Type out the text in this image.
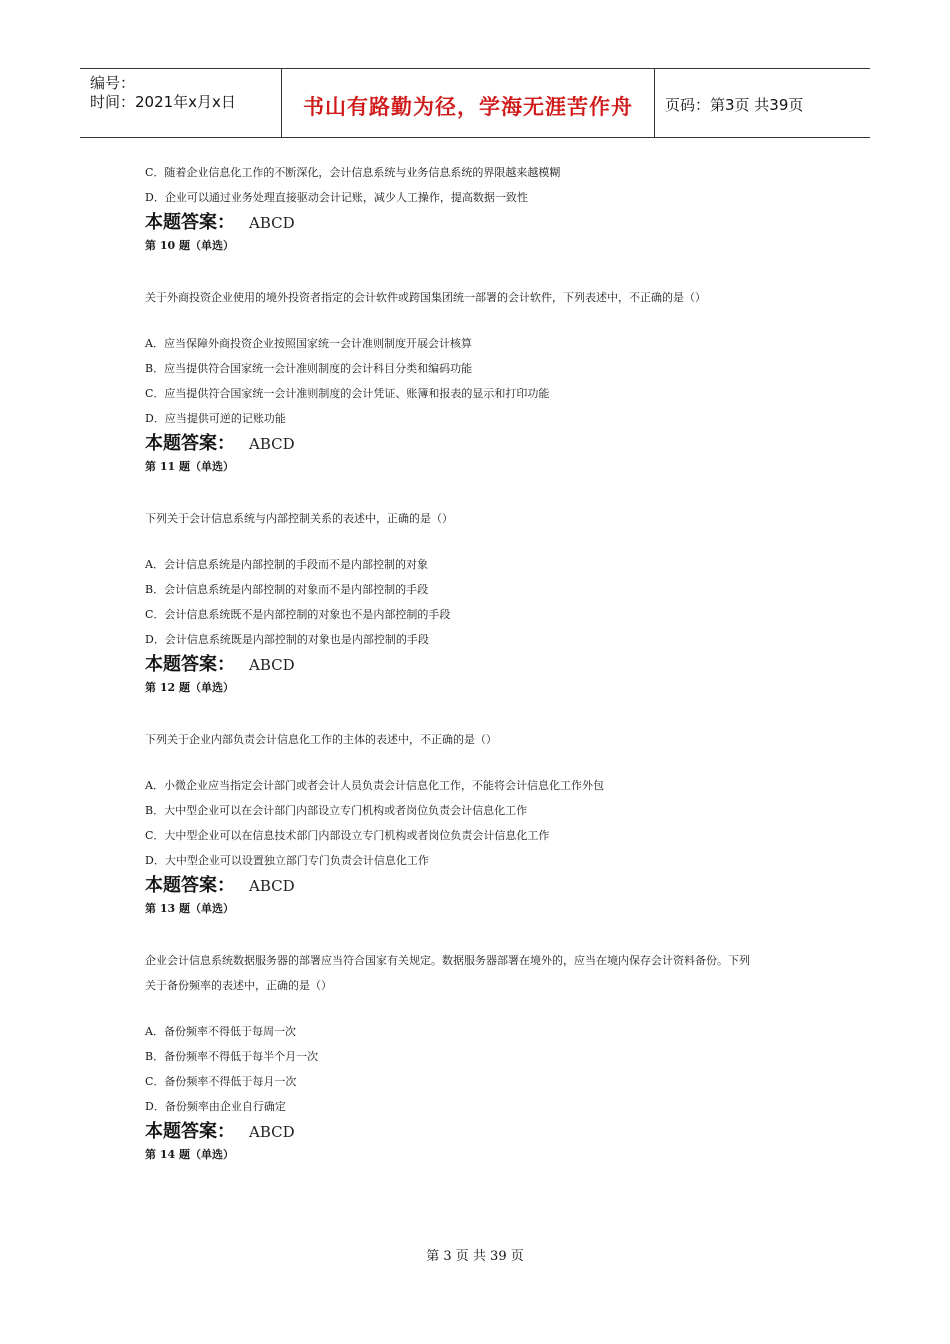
编号：
时间：2021年x月x日	书山有路勤为径，学海无涯苦作舟	页码：第3页 共39页
C．随着企业信息化工作的不断深化，会计信息系统与业务信息系统的界限越来越模糊
D．企业可以通过业务处理直接驱动会计记账，减少人工操作，提高数据一致性
本题答案： ABCD
第 10 题（单选）
关于外商投资企业使用的境外投资者指定的会计软件或跨国集团统一部署的会计软件，下列表述中，不正确的是（）
A．应当保障外商投资企业按照国家统一会计准则制度开展会计核算
B．应当提供符合国家统一会计准则制度的会计科目分类和编码功能
C．应当提供符合国家统一会计准则制度的会计凭证、账簿和报表的显示和打印功能
D．应当提供可逆的记账功能
本题答案： ABCD
第 11 题（单选）
下列关于会计信息系统与内部控制关系的表述中，正确的是（）
A．会计信息系统是内部控制的手段而不是内部控制的对象
B．会计信息系统是内部控制的对象而不是内部控制的手段
C．会计信息系统既不是内部控制的对象也不是内部控制的手段
D．会计信息系统既是内部控制的对象也是内部控制的手段
本题答案： ABCD
第 12 题（单选）
下列关于企业内部负责会计信息化工作的主体的表述中，不正确的是（）
A．小微企业应当指定会计部门或者会计人员负责会计信息化工作，不能将会计信息化工作外包
B．大中型企业可以在会计部门内部设立专门机构或者岗位负责会计信息化工作
C．大中型企业可以在信息技术部门内部设立专门机构或者岗位负责会计信息化工作
D．大中型企业可以设置独立部门专门负责会计信息化工作
本题答案： ABCD
第 13 题（单选）
企业会计信息系统数据服务器的部署应当符合国家有关规定。数据服务器部署在境外的，应当在境内保存会计资料备份。下列
关于备份频率的表述中，正确的是（）
A．备份频率不得低于每周一次
B．备份频率不得低于每半个月一次
C．备份频率不得低于每月一次
D．备份频率由企业自行确定
本题答案： ABCD
第 14 题（单选）
第 3 页 共 39 页
